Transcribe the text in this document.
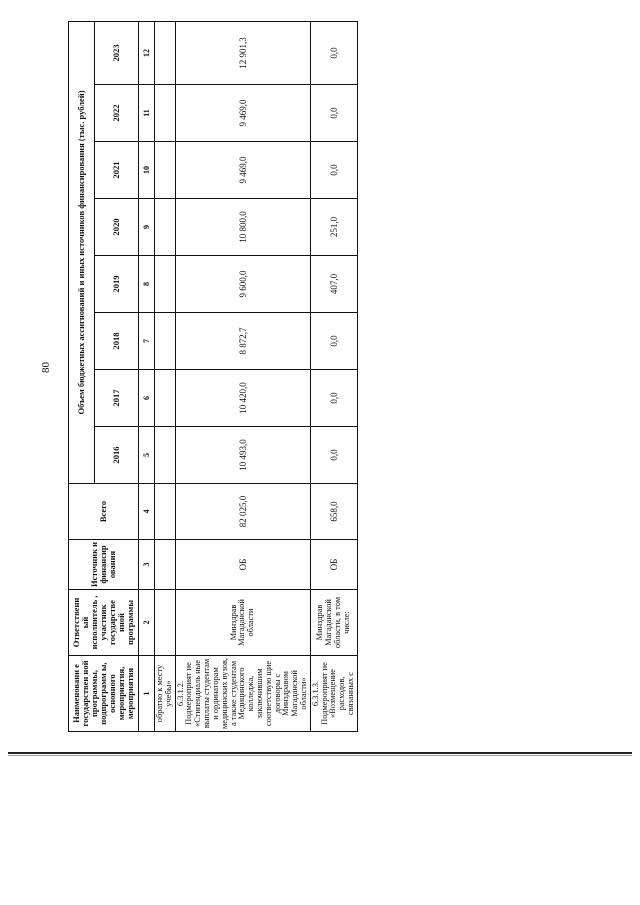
80
Наименовани е государствен ной программы, подпрограмм ы, основного мероприятия, мероприятия	Ответственн ый исполнитель , участник государстве нной программы	Источник и финансир ования	Всего	Объем бюджетных ассигнований и иных источников финансирования (тыс. рублей)							
				2016	2017	2018	2019	2020	2021	2022	2023
1	2	3	4	5	6	7	8	9	10	11	12
обратно к месту учебы»											
6.3.1.2. Подмероприят ие «Стипендиаль ные выплаты студентам и ординаторам медицинских вузов, а также студентам Медицинского колледжа, заключившим соответствую щие договоры с Минздравом Магаданской области»	Минздрав Магаданской области	ОБ	82 025,0	10 493,0	10 420,0	8 872,7	9 600,0	10 800,0	9 469,0	9 469,0	12 901,3
6.3.1.3. Подмероприят ие «Возмещение расходов, связанных с	Минздрав Магаданской области, в том числе:	ОБ	658,0	0,0	0,0	0,0	407,0	251,0	0,0	0,0	0,0
